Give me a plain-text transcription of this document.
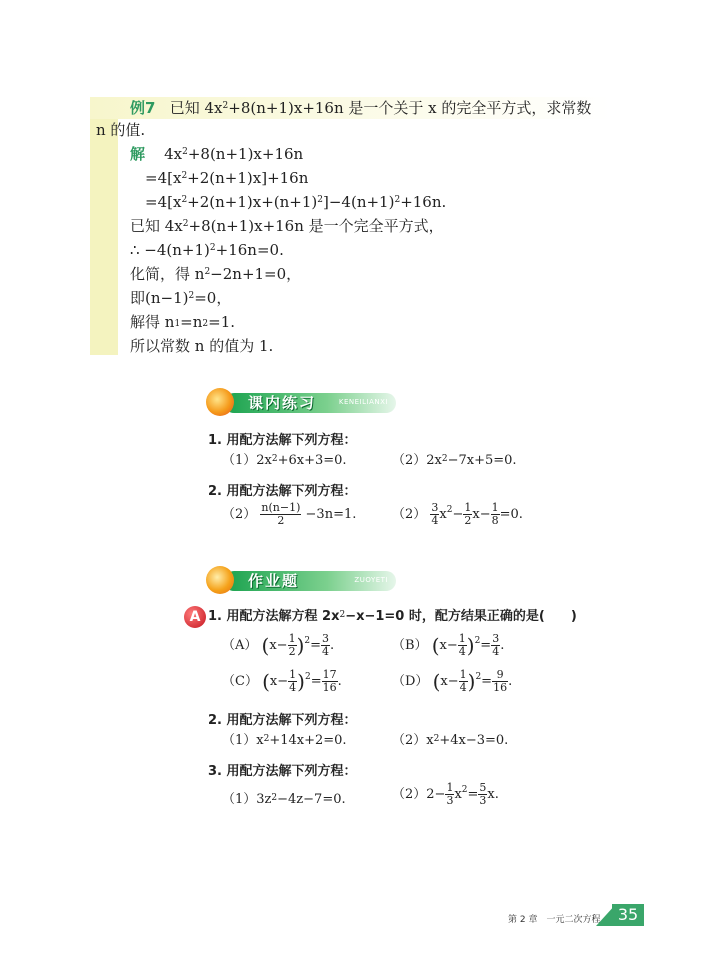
例7 已知 $4x^2+8(n+1)x+16n$ 是一个关于 x 的完全平方式，求常数
n 的值.
解 $4x^2+8(n+1)x+16n$
$=4[x^2+2(n+1)x]+16n$
$=4[x^2+2(n+1)x+(n+1)^2]-4(n+1)^2+16n$.
已知 $4x^2+8(n+1)x+16n$ 是一个完全平方式，
∴ $-4(n+1)^2+16n=0$.
化简，得 $n^2-2n+1=0$，
即$(n-1)^2=0$，
解得 $n_1=n_2=1$.
所以常数 n 的值为 1.
课内练习	KENEILIANXI
1. 用配方法解下列方程：
$(1)2x^2+6x+3=0$.	$(2)2x^2-7x+5=0$.
2. 用配方法解下列方程：
$(2) \frac{n(n-1)}{2} -3n=1$.	$(2) \frac{3}{4} x^2- \frac{1}{2} x- \frac{1}{8} =0$.
作业题	ZUOYETI
A 1. 用配方法解方程 $2x^2-x-1=0$ 时，配方结果正确的是(　　)
（A） $(x- \frac{1}{2} )^2= \frac{3}{4}$ .	（B） $(x- \frac{1}{4} )^2= \frac{3}{4}$ .
（C） $(x- \frac{1}{4} )^2= \frac{17}{16}$ .	（D） $(x- \frac{1}{4} )^2= \frac{9}{16}$ .
2. 用配方法解下列方程：
$(1)x^2+14x+2=0$.	$(2)x^2+4x-3=0$.
3. 用配方法解下列方程：
$(1)3z^2-4z-7=0$.	$(2)2- \frac{1}{3} x^2= \frac{5}{3} x$.
第 2 章　一元二次方程	35
